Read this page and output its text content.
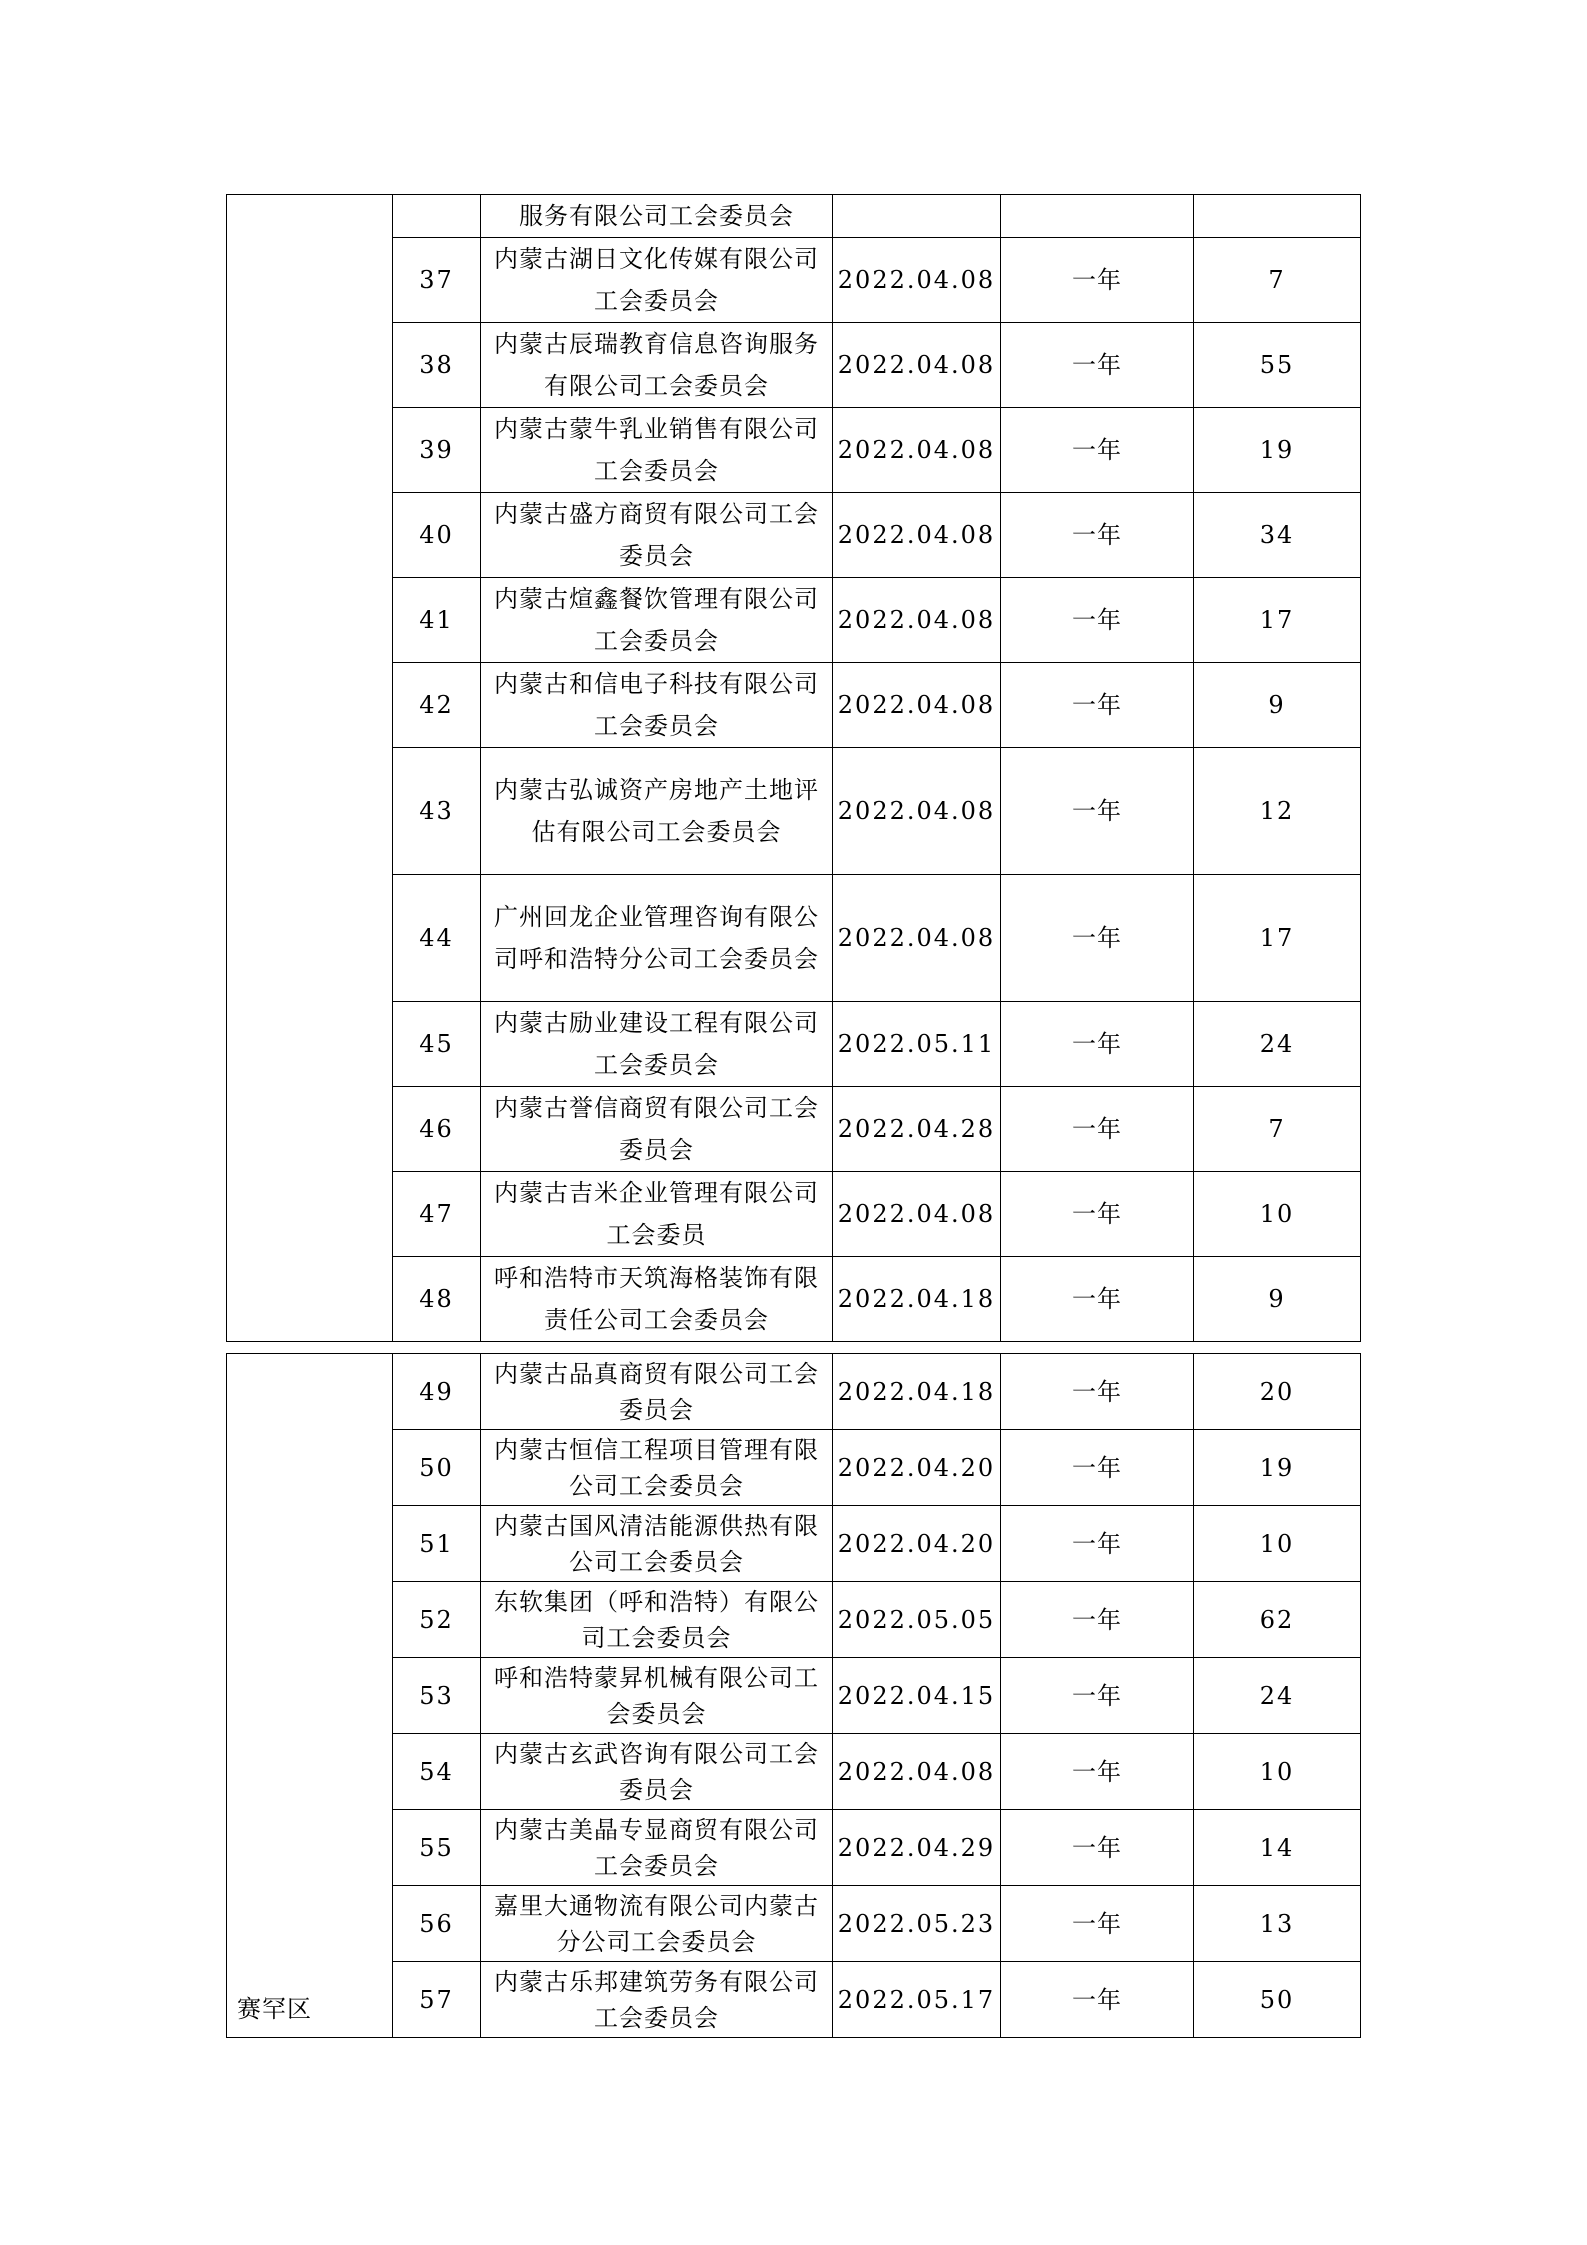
		服务有限公司工会委员会			
	37	内蒙古湖日文化传媒有限公司工会委员会	2022.04.08	一年	7
	38	内蒙古辰瑞教育信息咨询服务有限公司工会委员会	2022.04.08	一年	55
	39	内蒙古蒙牛乳业销售有限公司工会委员会	2022.04.08	一年	19
	40	内蒙古盛方商贸有限公司工会委员会	2022.04.08	一年	34
	41	内蒙古煊鑫餐饮管理有限公司工会委员会	2022.04.08	一年	17
	42	内蒙古和信电子科技有限公司工会委员会	2022.04.08	一年	9
	43	内蒙古弘诚资产房地产土地评估有限公司工会委员会	2022.04.08	一年	12
	44	广州回龙企业管理咨询有限公司呼和浩特分公司工会委员会	2022.04.08	一年	17
	45	内蒙古励业建设工程有限公司工会委员会	2022.05.11	一年	24
	46	内蒙古誉信商贸有限公司工会委员会	2022.04.28	一年	7
	47	内蒙古吉米企业管理有限公司工会委员	2022.04.08	一年	10
	48	呼和浩特市天筑海格装饰有限责任公司工会委员会	2022.04.18	一年	9
赛罕区	49	内蒙古品真商贸有限公司工会委员会	2022.04.18	一年	20
	50	内蒙古恒信工程项目管理有限公司工会委员会	2022.04.20	一年	19
	51	内蒙古国风清洁能源供热有限公司工会委员会	2022.04.20	一年	10
	52	东软集团（呼和浩特）有限公司工会委员会	2022.05.05	一年	62
	53	呼和浩特蒙昇机械有限公司工会委员会	2022.04.15	一年	24
	54	内蒙古玄武咨询有限公司工会委员会	2022.04.08	一年	10
	55	内蒙古美晶专显商贸有限公司工会委员会	2022.04.29	一年	14
	56	嘉里大通物流有限公司内蒙古分公司工会委员会	2022.05.23	一年	13
	57	内蒙古乐邦建筑劳务有限公司工会委员会	2022.05.17	一年	50
